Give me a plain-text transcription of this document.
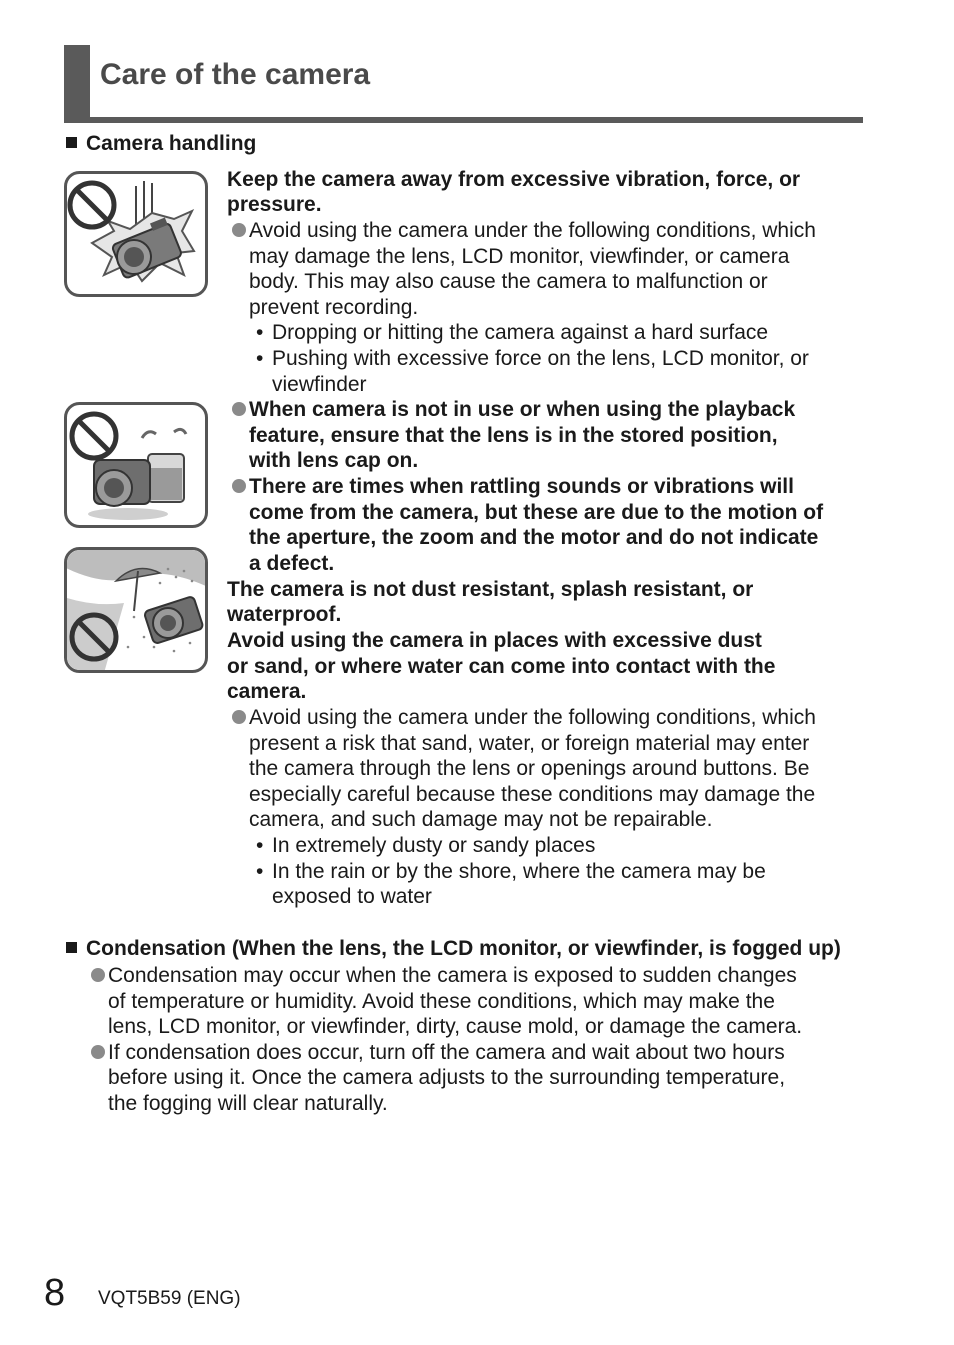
Care of the camera
Camera handling
Keep the camera away from excessive vibration, force, or
pressure.
Avoid using the camera under the following conditions, which
may damage the lens, LCD monitor, viewfinder, or camera
body. This may also cause the camera to malfunction or
prevent recording.
• Dropping or hitting the camera against a hard surface
• Pushing with excessive force on the lens, LCD monitor, or
viewfinder
When camera is not in use or when using the playback
feature, ensure that the lens is in the stored position,
with lens cap on.
There are times when rattling sounds or vibrations will
come from the camera, but these are due to the motion of
the aperture, the zoom and the motor and do not indicate
a defect.
The camera is not dust resistant, splash resistant, or
waterproof.
Avoid using the camera in places with excessive dust
or sand, or where water can come into contact with the
camera.
Avoid using the camera under the following conditions, which
present a risk that sand, water, or foreign material may enter
the camera through the lens or openings around buttons. Be
especially careful because these conditions may damage the
camera, and such damage may not be repairable.
• In extremely dusty or sandy places
• In the rain or by the shore, where the camera may be
exposed to water
Condensation (When the lens, the LCD monitor, or viewfinder, is fogged up)
Condensation may occur when the camera is exposed to sudden changes
of temperature or humidity. Avoid these conditions, which may make the
lens, LCD monitor, or viewfinder, dirty, cause mold, or damage the camera.
If condensation does occur, turn off the camera and wait about two hours
before using it. Once the camera adjusts to the surrounding temperature,
the fogging will clear naturally.
8 VQT5B59 (ENG)
